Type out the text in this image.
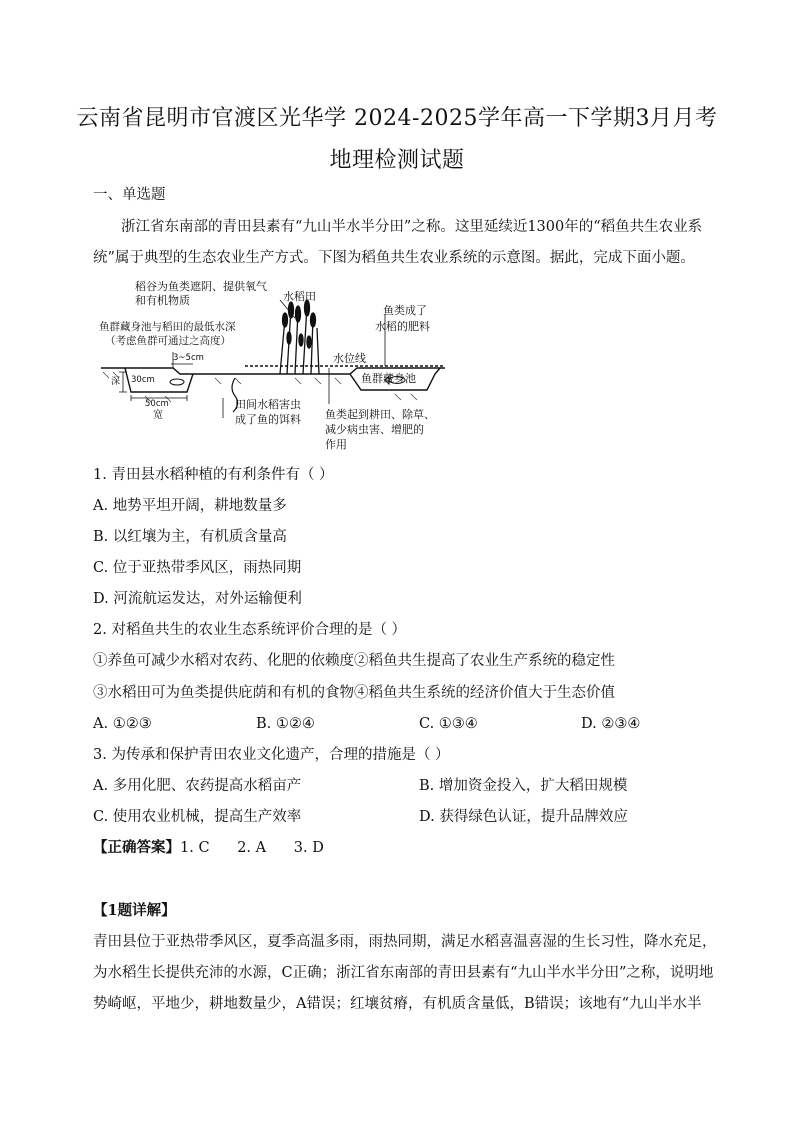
云南省昆明市官渡区光华学 2024-2025学年高一下学期3月月考
地理检测试题
一、单选题
浙江省东南部的青田县素有“九山半水半分田”之称。这里延续近1300年的“稻鱼共生农业系
统”属于典型的生态农业生产方式。下图为稻鱼共生农业系统的示意图。据此，完成下面小题。
稻谷为鱼类遮阴、提供氧气
和有机物质	水稻田
鱼类成了
水稻的肥料
鱼群藏身池与稻田的最低水深
（考虑鱼群可通过之高度）
3~5cm	水位线
30cm
深	鱼群藏身池
50cm
宽
田间水稻害虫
成了鱼的饵料 鱼类起到耕田、除草、
减少病虫害、增肥的
作用
1. 青田县水稻种植的有利条件有（ ）
A. 地势平坦开阔，耕地数量多
B. 以红壤为主，有机质含量高
C. 位于亚热带季风区，雨热同期
D. 河流航运发达，对外运输便利
2. 对稻鱼共生的农业生态系统评价合理的是（ ）
①养鱼可减少水稻对农药、化肥的依赖度②稻鱼共生提高了农业生产系统的稳定性
③水稻田可为鱼类提供庇荫和有机的食物④稻鱼共生系统的经济价值大于生态价值
A. ①②③	B. ①②④	C. ①③④	D. ②③④
3. 为传承和保护青田农业文化遗产，合理的措施是（ ）
A. 多用化肥、农药提高水稻亩产	B. 增加资金投入，扩大稻田规模
C. 使用农业机械，提高生产效率	D. 获得绿色认证，提升品牌效应
【正确答案】1. C      2. A      3. D
【1题详解】
青田县位于亚热带季风区，夏季高温多雨，雨热同期，满足水稻喜温喜湿的生长习性，降水充足，
为水稻生长提供充沛的水源，C正确；浙江省东南部的青田县素有“九山半水半分田”之称，说明地
势崎岖，平地少，耕地数量少，A错误；红壤贫瘠，有机质含量低，B错误；该地有“九山半水半
